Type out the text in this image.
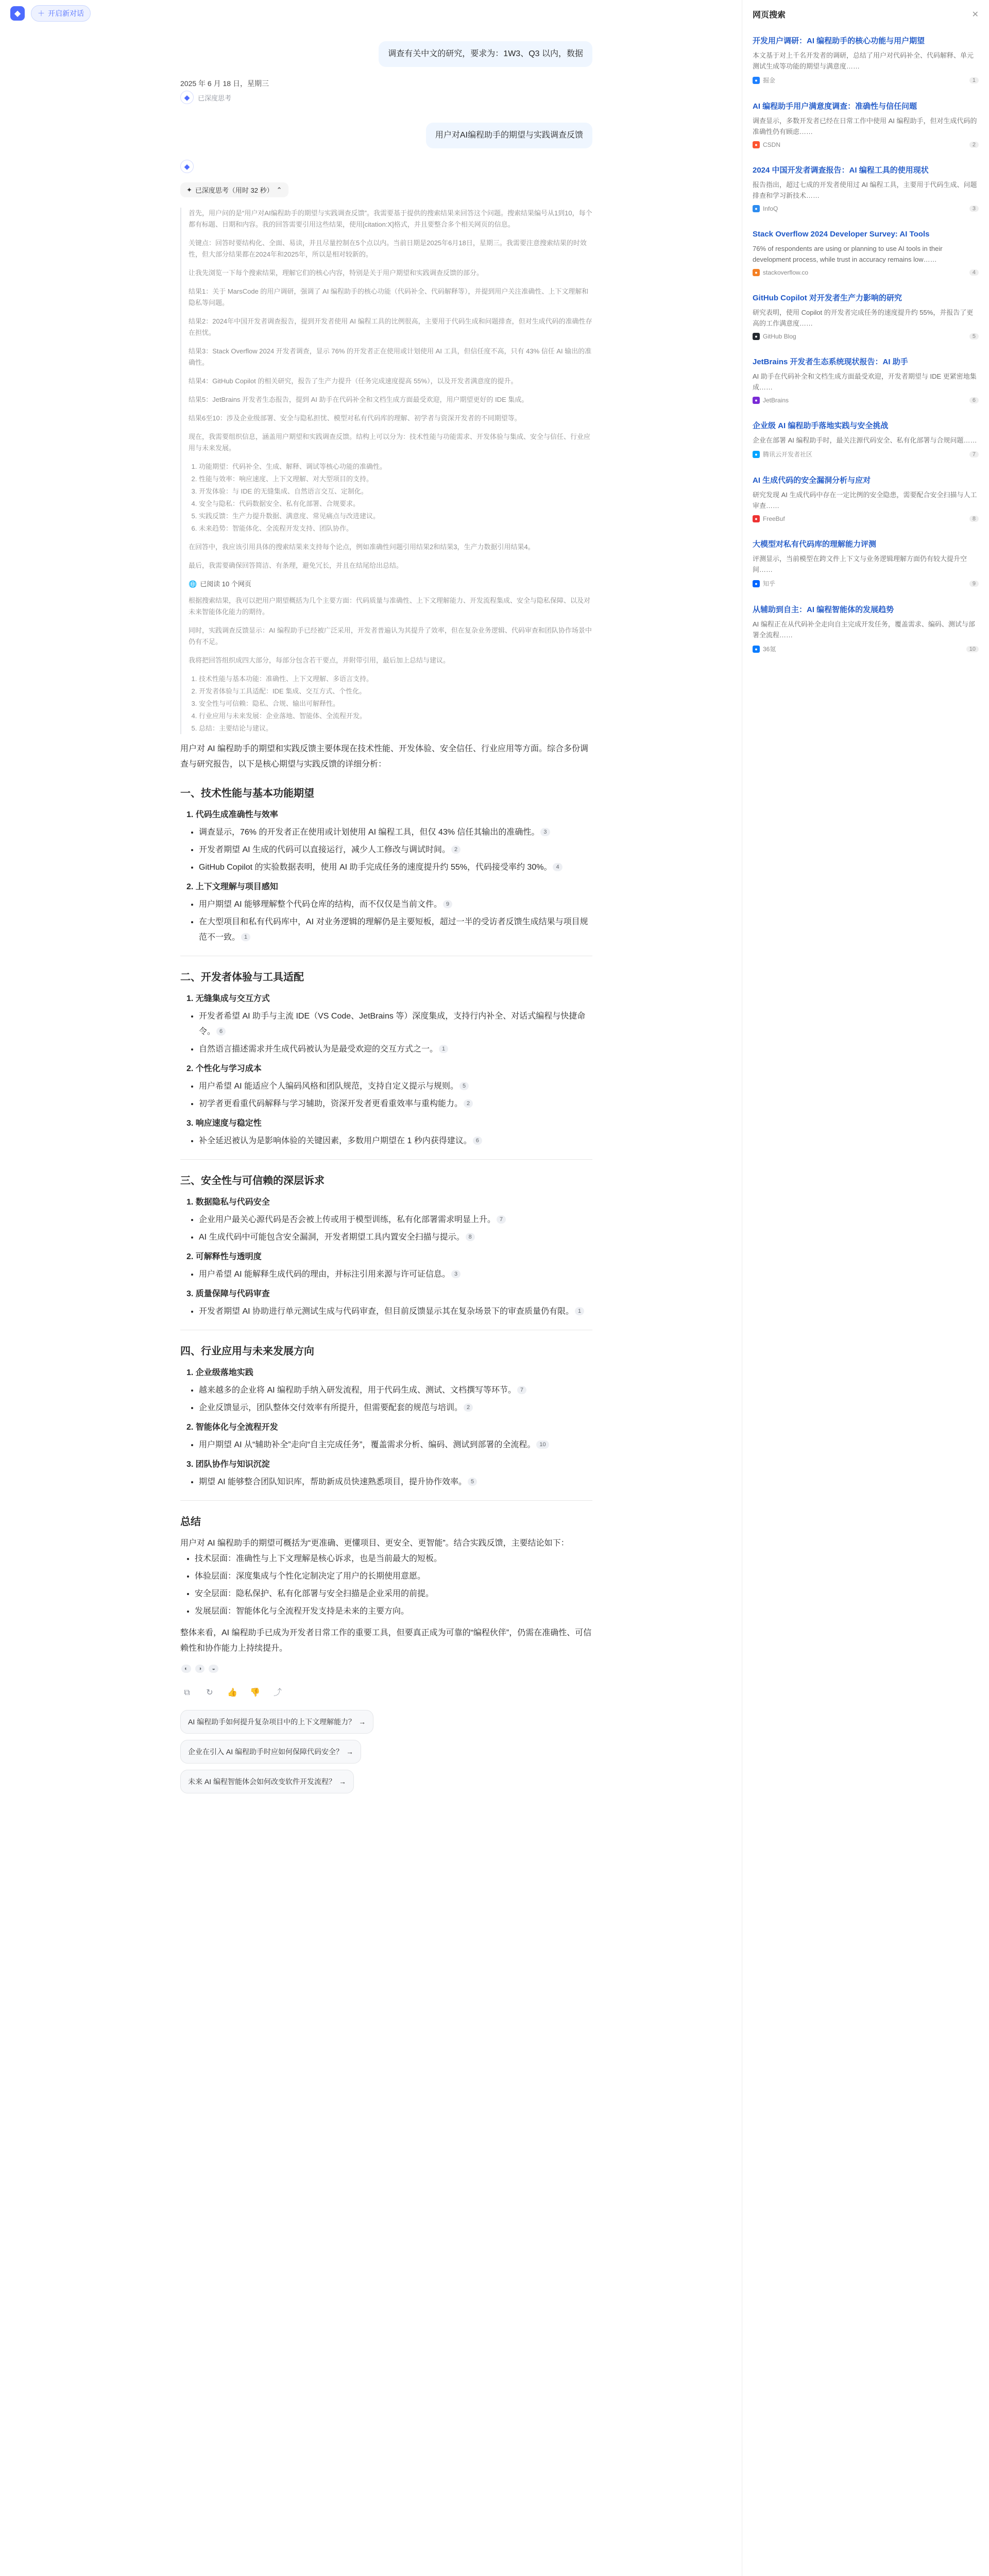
◆	＋ 开启新对话
调查有关中文的研究，要求为：1W3、Q3 以内，数据
2025 年 6 月 18 日，星期三
◆	已深度思考
用户对AI编程助手的期望与实践调查反馈
◆
✦ 已深度思考（用时 32 秒） ⌃

首先，用户问的是“用户对AI编程助手的期望与实践调查反馈”。我需要基于提供的搜索结果来回答这个问题。搜索结果编号从1到10，每个都有标题、日期和内容。我的回答需要引用这些结果，使用[citation:X]格式，并且要整合多个相关网页的信息。

关键点：回答时要结构化、全面、易读，并且尽量控制在5个点以内。当前日期是2025年6月18日，星期三。我需要注意搜索结果的时效性，但大部分结果都在2024年和2025年，所以是相对较新的。

让我先浏览一下每个搜索结果，理解它们的核心内容，特别是关于用户期望和实践调查反馈的部分。

结果1：关于 MarsCode 的用户调研，强调了 AI 编程助手的核心功能（代码补全、代码解释等），并提到用户关注准确性、上下文理解和隐私等问题。

结果2：2024年中国开发者调查报告，提到开发者使用 AI 编程工具的比例很高，主要用于代码生成和问题排查，但对生成代码的准确性存在担忧。

结果3：Stack Overflow 2024 开发者调查，显示 76% 的开发者正在使用或计划使用 AI 工具，但信任度不高，只有 43% 信任 AI 输出的准确性。

结果4：GitHub Copilot 的相关研究，报告了生产力提升（任务完成速度提高 55%），以及开发者满意度的提升。

结果5：JetBrains 开发者生态报告，提到 AI 助手在代码补全和文档生成方面最受欢迎，用户期望更好的 IDE 集成。

结果6至10：涉及企业级部署、安全与隐私担忧、模型对私有代码库的理解、初学者与资深开发者的不同期望等。

现在，我需要组织信息，涵盖用户期望和实践调查反馈。结构上可以分为：技术性能与功能需求、开发体验与集成、安全与信任、行业应用与未来发展。

1. 功能期望：代码补全、生成、解释、调试等核心功能的准确性。
2. 性能与效率：响应速度、上下文理解、对大型项目的支持。
3. 开发体验：与 IDE 的无缝集成、自然语言交互、定制化。
4. 安全与隐私：代码数据安全、私有化部署、合规要求。
5. 实践反馈：生产力提升数据、满意度、常见痛点与改进建议。
6. 未来趋势：智能体化、全流程开发支持、团队协作。

在回答中，我应该引用具体的搜索结果来支持每个论点，例如准确性问题引用结果2和结果3，生产力数据引用结果4。

最后，我需要确保回答简洁、有条理，避免冗长，并且在结尾给出总结。

🌐 已阅读 10 个网页

根据搜索结果，我可以把用户期望概括为几个主要方面：代码质量与准确性、上下文理解能力、开发流程集成、安全与隐私保障、以及对未来智能体化能力的期待。

同时，实践调查反馈显示：AI 编程助手已经被广泛采用，开发者普遍认为其提升了效率，但在复杂业务逻辑、代码审查和团队协作场景中仍有不足。

我将把回答组织成四大部分，每部分包含若干要点，并附带引用，最后加上总结与建议。

1. 技术性能与基本功能：准确性、上下文理解、多语言支持。
2. 开发者体验与工具适配：IDE 集成、交互方式、个性化。
3. 安全性与可信赖：隐私、合规、输出可解释性。
4. 行业应用与未来发展：企业落地、智能体、全流程开发。
5. 总结：主要结论与建议。

用户对 AI 编程助手的期望和实践反馈主要体现在技术性能、开发体验、安全信任、行业应用等方面。综合多份调查与研究报告，以下是核心期望与实践反馈的详细分析：

一、技术性能与基本功能期望
1. 代码生成准确性与效率
• 调查显示，76% 的开发者正在使用或计划使用 AI 编程工具，但仅 43% 信任其输出的准确性。 3
• 开发者期望 AI 生成的代码可以直接运行，减少人工修改与调试时间。 2
• GitHub Copilot 的实验数据表明，使用 AI 助手完成任务的速度提升约 55%，代码接受率约 30%。 4
2. 上下文理解与项目感知
• 用户期望 AI 能够理解整个代码仓库的结构，而不仅仅是当前文件。 9
• 在大型项目和私有代码库中，AI 对业务逻辑的理解仍是主要短板，超过一半的受访者反馈生成结果与项目规范不一致。 1
二、开发者体验与工具适配
1. 无缝集成与交互方式
• 开发者希望 AI 助手与主流 IDE（VS Code、JetBrains 等）深度集成，支持行内补全、对话式编程与快捷命令。 6
• 自然语言描述需求并生成代码被认为是最受欢迎的交互方式之一。 1
2. 个性化与学习成本
• 用户希望 AI 能适应个人编码风格和团队规范，支持自定义提示与规则。 5
• 初学者更看重代码解释与学习辅助，资深开发者更看重效率与重构能力。 2
3. 响应速度与稳定性
• 补全延迟被认为是影响体验的关键因素，多数用户期望在 1 秒内获得建议。 6
三、安全性与可信赖的深层诉求
1. 数据隐私与代码安全
• 企业用户最关心源代码是否会被上传或用于模型训练，私有化部署需求明显上升。 7
• AI 生成代码中可能包含安全漏洞，开发者期望工具内置安全扫描与提示。 8
2. 可解释性与透明度
• 用户希望 AI 能解释生成代码的理由，并标注引用来源与许可证信息。 3
3. 质量保障与代码审查
• 开发者期望 AI 协助进行单元测试生成与代码审查，但目前反馈显示其在复杂场景下的审查质量仍有限。 1
四、行业应用与未来发展方向
1. 企业级落地实践
• 越来越多的企业将 AI 编程助手纳入研发流程，用于代码生成、测试、文档撰写等环节。 7
• 企业反馈显示，团队整体交付效率有所提升，但需要配套的规范与培训。 2
2. 智能体化与全流程开发
• 用户期望 AI 从“辅助补全”走向“自主完成任务”，覆盖需求分析、编码、测试到部署的全流程。 10
3. 团队协作与知识沉淀
• 期望 AI 能够整合团队知识库，帮助新成员快速熟悉项目，提升协作效率。 5
总结

用户对 AI 编程助手的期望可概括为“更准确、更懂项目、更安全、更智能”。结合实践反馈，主要结论如下：

• 技术层面：准确性与上下文理解是核心诉求，也是当前最大的短板。
• 体验层面：深度集成与个性化定制决定了用户的长期使用意愿。
• 安全层面：隐私保护、私有化部署与安全扫描是企业采用的前提。
• 发展层面：智能体化与全流程开发支持是未来的主要方向。

整体来看，AI 编程助手已成为开发者日常工作的重要工具，但要真正成为可靠的“编程伙伴”，仍需在准确性、可信赖性和协作能力上持续提升。

◐	◑	◒
⧉	↻	👍 👎	⤴
AI 编程助手如何提升复杂项目中的上下文理解能力？ →
企业在引入 AI 编程助手时应如何保障代码安全？ →
未来 AI 编程智能体会如何改变软件开发流程？ →
网页搜索	✕
开发用户调研：AI 编程助手的核心功能与用户期望
本文基于对上千名开发者的调研，总结了用户对代码补全、代码解释、单元测试生成等功能的期望与满意度……
● 掘金	1
AI 编程助手用户满意度调查：准确性与信任问题
调查显示，多数开发者已经在日常工作中使用 AI 编程助手，但对生成代码的准确性仍有顾虑……
● CSDN	2
2024 中国开发者调查报告：AI 编程工具的使用现状
报告指出，超过七成的开发者使用过 AI 编程工具，主要用于代码生成、问题排查和学习新技术……
● InfoQ	3
Stack Overflow 2024 Developer Survey: AI Tools
76% of respondents are using or planning to use AI tools in their development process, while trust in accuracy remains low……
● stackoverflow.co	4
GitHub Copilot 对开发者生产力影响的研究
研究表明，使用 Copilot 的开发者完成任务的速度提升约 55%，并报告了更高的工作满意度……
● GitHub Blog	5
JetBrains 开发者生态系统现状报告：AI 助手
AI 助手在代码补全和文档生成方面最受欢迎，开发者期望与 IDE 更紧密地集成……
● JetBrains	6
企业级 AI 编程助手落地实践与安全挑战
企业在部署 AI 编程助手时，最关注源代码安全、私有化部署与合规问题……
● 腾讯云开发者社区	7
AI 生成代码的安全漏洞分析与应对
研究发现 AI 生成代码中存在一定比例的安全隐患，需要配合安全扫描与人工审查……
● FreeBuf	8
大模型对私有代码库的理解能力评测
评测显示，当前模型在跨文件上下文与业务逻辑理解方面仍有较大提升空间……
● 知乎	9
从辅助到自主：AI 编程智能体的发展趋势
AI 编程正在从代码补全走向自主完成开发任务，覆盖需求、编码、测试与部署全流程……
● 36氪	10
